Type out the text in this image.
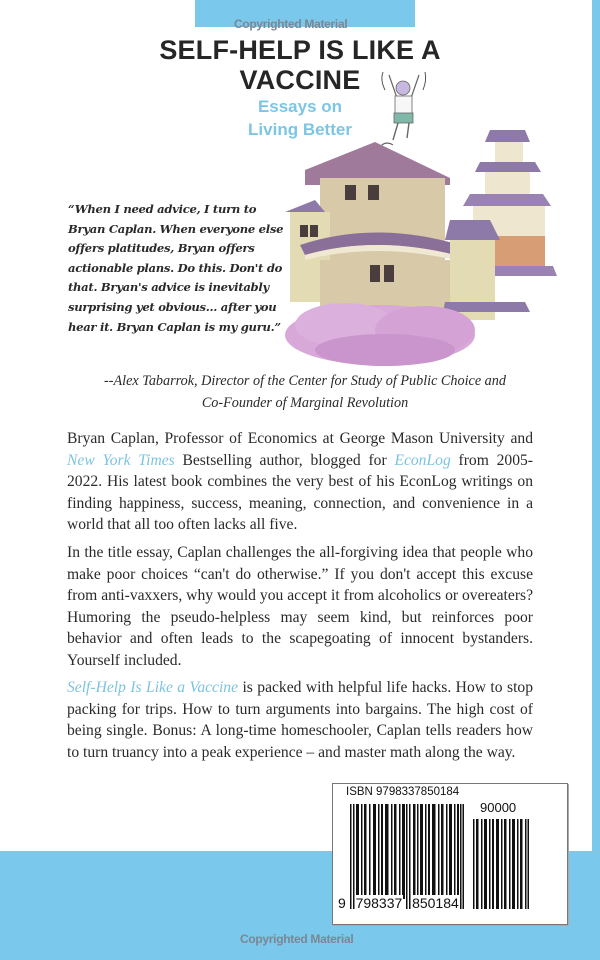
Copyrighted Material
SELF-HELP IS LIKE A
VACCINE
Essays on
Living Better
“When I need advice, I turn to Bryan Caplan. When everyone else offers platitudes, Bryan offers actionable plans. Do this. Don't do that. Bryan's advice is inevitably surprising yet obvious… after you hear it. Bryan Caplan is my guru.”
--Alex Tabarrok, Director of the Center for Study of Public Choice and
Co-Founder of Marginal Revolution
Bryan Caplan, Professor of Economics at George Mason University and New York Times Bestselling author, blogged for EconLog from 2005-2022. His latest book combines the very best of his EconLog writings on finding happiness, success, meaning, connection, and convenience in a world that all too often lacks all five.
In the title essay, Caplan challenges the all-forgiving idea that people who make poor choices “can't do otherwise.” If you don't accept this excuse from anti-vaxxers, why would you accept it from alcoholics or overeaters? Humoring the pseudo-helpless may seem kind, but reinforces poor behavior and often leads to the scapegoating of innocent bystanders. Yourself included.
Self-Help Is Like a Vaccine is packed with helpful life hacks. How to stop packing for trips. How to turn arguments into bargains. The high cost of being single. Bonus: A long-time homeschooler, Caplan tells readers how to turn truancy into a peak experience – and master math along the way.
ISBN 9798337850184
90000
9 798337 850184
Copyrighted Material
